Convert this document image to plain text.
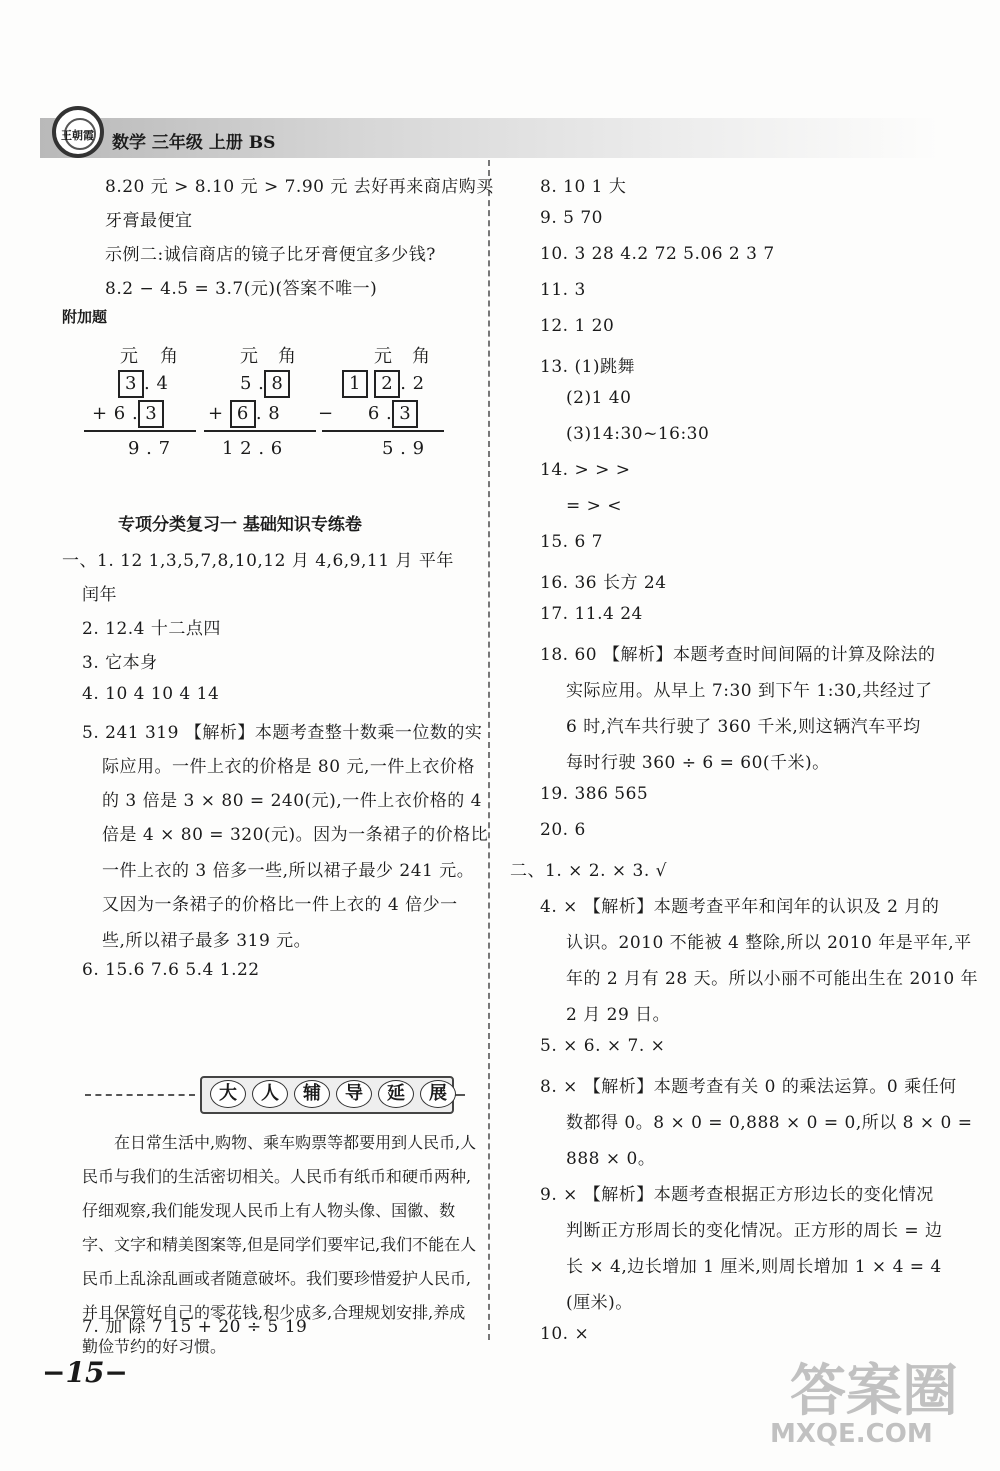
王朝霞 数学 三年级 上册 BS
8.20 元 > 8.10 元 > 7.90 元 去好再来商店购买
牙膏最便宜
示例二:诚信商店的镜子比牙膏便宜多少钱?
8.2 − 4.5 = 3.7(元)(答案不唯一)
附加题
元 角
3 . 4
+ 6 . 3
9 . 7
元 角
5 . 8
+ 6 . 8
1 2 . 6
元 角
1 2 . 2
− 6 . 3
5 . 9
专项分类复习一 基础知识专练卷
一、1. 12 1,3,5,7,8,10,12 月 4,6,9,11 月 平年
闰年
2. 12.4 十二点四
3. 它本身
4. 10 4 10 4 14
5. 241 319 【解析】本题考查整十数乘一位数的实
际应用。一件上衣的价格是 80 元,一件上衣价格
的 3 倍是 3 × 80 = 240(元),一件上衣价格的 4
倍是 4 × 80 = 320(元)。因为一条裙子的价格比
一件上衣的 3 倍多一些,所以裙子最少 241 元。
又因为一条裙子的价格比一件上衣的 4 倍少一
些,所以裙子最多 319 元。
6. 15.6 7.6 5.4 1.22
大	人	辅	导	延	展
在日常生活中,购物、乘车购票等都要用到人民币,人民币与我们的生活密切相关。人民币有纸币和硬币两种,仔细观察,我们能发现人民币上有人物头像、国徽、数字、文字和精美图案等,但是同学们要牢记,我们不能在人民币上乱涂乱画或者随意破坏。我们要珍惜爱护人民币,并且保管好自己的零花钱,积少成多,合理规划安排,养成勤俭节约的好习惯。
7. 加 除 7 15 + 20 ÷ 5 19
8. 10 1 大
9. 5 70
10. 3 28 4.2 72 5.06 2 3 7
11. 3
12. 1 20
13. (1)跳舞
(2)1 40
(3)14:30~16:30
14. > > >
= > <
15. 6 7
16. 36 长方 24
17. 11.4 24
18. 60 【解析】本题考查时间间隔的计算及除法的
实际应用。从早上 7:30 到下午 1:30,共经过了
6 时,汽车共行驶了 360 千米,则这辆汽车平均
每时行驶 360 ÷ 6 = 60(千米)。
19. 386 565
20. 6
二、1. × 2. × 3. √
4. × 【解析】本题考查平年和闰年的认识及 2 月的
认识。2010 不能被 4 整除,所以 2010 年是平年,平
年的 2 月有 28 天。所以小丽不可能出生在 2010 年
2 月 29 日。
5. × 6. × 7. ×
8. × 【解析】本题考查有关 0 的乘法运算。0 乘任何
数都得 0。8 × 0 = 0,888 × 0 = 0,所以 8 × 0 =
888 × 0。
9. × 【解析】本题考查根据正方形边长的变化情况
判断正方形周长的变化情况。正方形的周长 = 边
长 × 4,边长增加 1 厘米,则周长增加 1 × 4 = 4
(厘米)。
10. ×
−15−	答案圈
MXQE.COM
